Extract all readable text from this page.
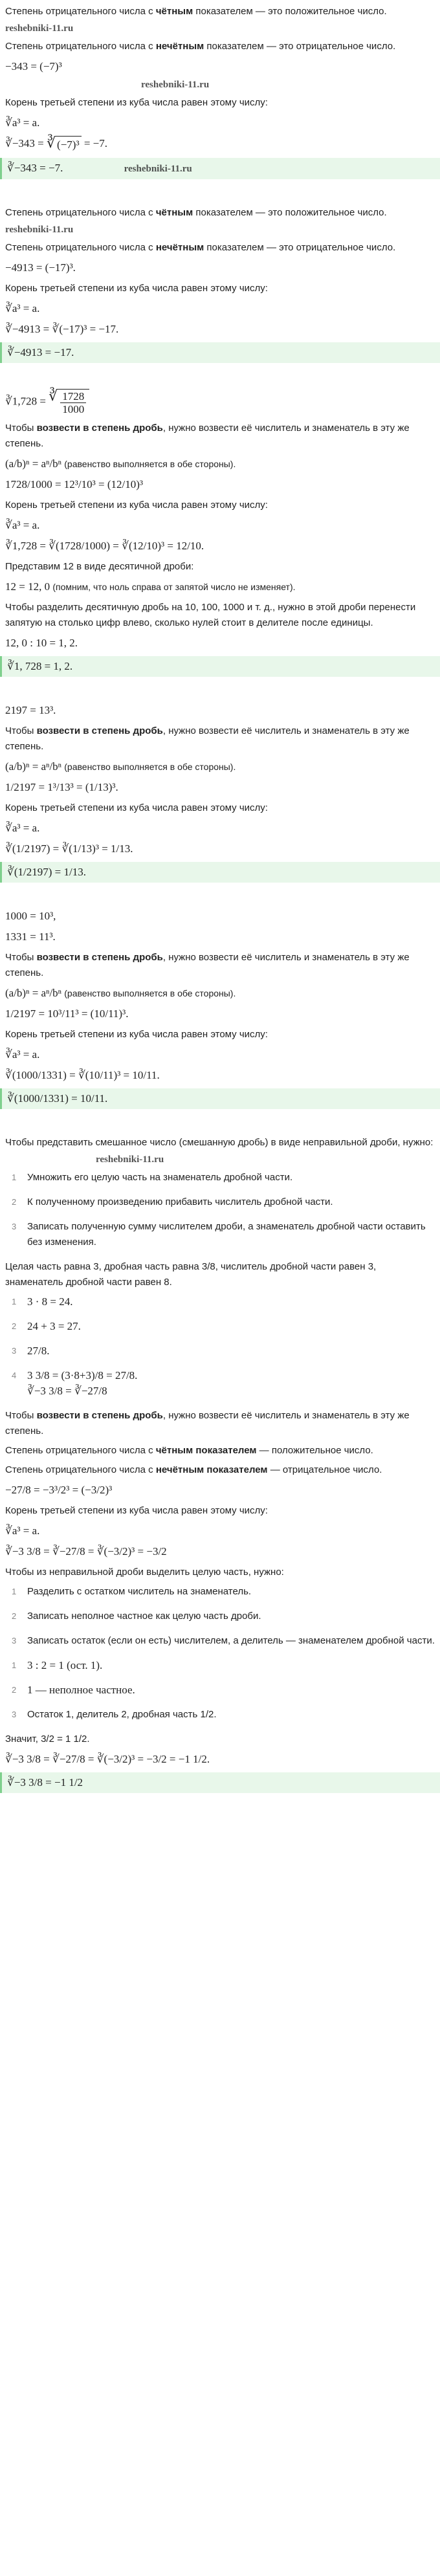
Степень отрицательного числа с чётным показателем — это положительное число.

reshebniki-11.ru

Степень отрицательного числа с нечётным показателем — это отрицательное число.

−343 = (−7)³
reshebniki-11.ru

Корень третьей степени из куба числа равен этому числу:

∛a³ = a.
∛−343 = ∛ (−7)³ = −7.
∛−343 = −7.	reshebniki-11.ru

Степень отрицательного числа с чётным показателем — это положительное число.

reshebniki-11.ru

Степень отрицательного числа с нечётным показателем — это отрицательное число.

−4913 = (−17)³.

Корень третьей степени из куба числа равен этому числу:

∛a³ = a.
∛−4913 = ∛(−17)³ = −17.
∛−4913 = −17.
∛1,728 = ∛ 1728
1000

Чтобы возвести в степень дробь, нужно возвести её числитель и знаменатель в эту же степень.

(a/b)ⁿ = aⁿ/bⁿ (равенство выполняется в обе стороны).
1728/1000 = 12³/10³ = (12/10)³

Корень третьей степени из куба числа равен этому числу:

∛a³ = a.
∛1,728 = ∛(1728/1000) = ∛(12/10)³ = 12/10.

Представим 12 в виде десятичной дроби:

12 = 12, 0 (помним, что ноль справа от запятой число не изменяет).

Чтобы разделить десятичную дробь на 10, 100, 1000 и т. д., нужно в этой дроби перенести запятую на столько цифр влево, сколько нулей стоит в делителе после единицы.

12, 0 : 10 = 1, 2.
∛1, 728 = 1, 2.
2197 = 13³.

Чтобы возвести в степень дробь, нужно возвести её числитель и знаменатель в эту же степень.

(a/b)ⁿ = aⁿ/bⁿ (равенство выполняется в обе стороны).
1/2197 = 1³/13³ = (1/13)³.

Корень третьей степени из куба числа равен этому числу:

∛a³ = a.
∛(1/2197) = ∛(1/13)³ = 1/13.
∛(1/2197) = 1/13.
1000 = 10³,
1331 = 11³.

Чтобы возвести в степень дробь, нужно возвести её числитель и знаменатель в эту же степень.

(a/b)ⁿ = aⁿ/bⁿ (равенство выполняется в обе стороны).
1/2197 = 10³/11³ = (10/11)³.

Корень третьей степени из куба числа равен этому числу:

∛a³ = a.
∛(1000/1331) = ∛(10/11)³ = 10/11.
∛(1000/1331) = 10/11.

Чтобы представить смешанное число (смешанную дробь) в виде неправильной дроби, нужно:

reshebniki-11.ru
1 Умножить его целую часть на знаменатель дробной части.
2 К полученному произведению прибавить числитель дробной части.
3 Записать полученную сумму числителем дроби, а знаменатель дробной части оставить без изменения.

Целая часть равна 3, дробная часть равна 3/8, числитель дробной части равен 3, знаменатель дробной части равен 8.

1 3 · 8 = 24.
2 24 + 3 = 27.
3 27/8.
4 3 3/8 = (3·8+3)/8 = 27/8.
∛−3 3/8 = ∛−27/8

Чтобы возвести в степень дробь, нужно возвести её числитель и знаменатель в эту же степень.

Степень отрицательного числа с чётным показателем — положительное число.

Степень отрицательного числа с нечётным показателем — отрицательное число.

−27/8 = −3³/2³ = (−3/2)³

Корень третьей степени из куба числа равен этому числу:

∛a³ = a.
∛−3 3/8 = ∛−27/8 = ∛(−3/2)³ = −3/2

Чтобы из неправильной дроби выделить целую часть, нужно:

1 Разделить с остатком числитель на знаменатель.
2 Записать неполное частное как целую часть дроби.
3 Записать остаток (если он есть) числителем, а делитель — знаменателем дробной части.
1 3 : 2 = 1 (ост. 1).
2 1 — неполное частное.
3 Остаток 1, делитель 2, дробная часть 1/2.

Значит, 3/2 = 1 1/2.

∛−3 3/8 = ∛−27/8 = ∛(−3/2)³ = −3/2 = −1 1/2.
∛−3 3/8 = −1 1/2
